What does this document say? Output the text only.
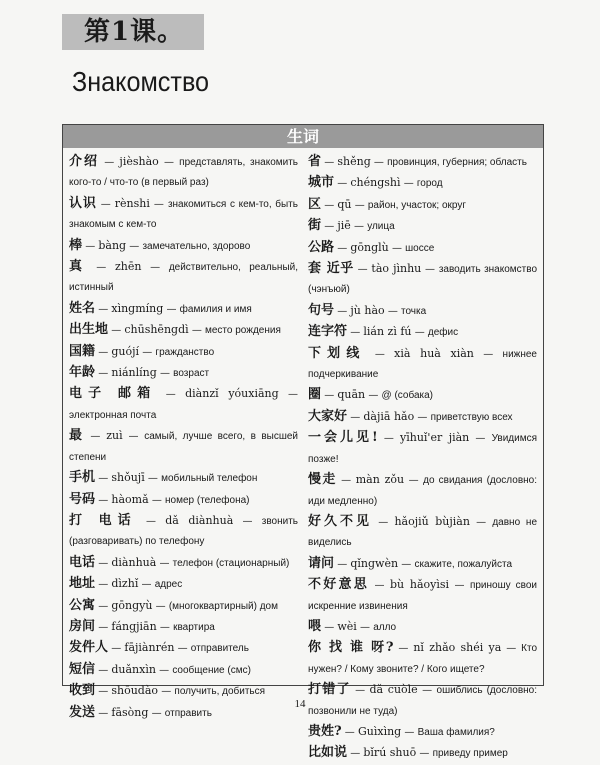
第1课。
Знакомство
生词
介绍 — jièshào — представлять, знакомить кого-то / что-то (в первый раз)
认识 — rènshi — знакомиться с кем-то, быть знакомым с кем-то
棒 — bàng — замечательно, здорово
真 — zhēn — действительно, реальный, истинный
姓名 — xìngmíng — фамилия и имя
出生地 — chūshēngdì — место рождения
国籍 — guójí — гражданство
年龄 — niánlíng — возраст
电子 邮箱 — diànzǐ yóuxiāng — электронная почта
最 — zuì — самый, лучше всего, в высшей степени
手机 — shǒujī — мобильный телефон
号码 — hàomǎ — номер (телефона)
打 电话 — dǎ diànhuà — звонить (разговаривать) по телефону
电话 — diànhuà — телефон (стационарный)
地址 — dìzhǐ — адрес
公寓 — gōngyù — (многоквартирный) дом
房间 — fángjiān — квартира
发件人 — fājiànrén — отправитель
短信 — duǎnxìn — сообщение (смс)
收到 — shōudào — получить, добиться
发送 — fāsòng — отправить
省 — shěng — провинция, губерния; область
城市 — chéngshì — город
区 — qū — район, участок; округ
街 — jiē — улица
公路 — gōnglù — шоссе
套 近乎 — tào jìnhu — заводить знакомство (чэнъюй)
句号 — jù hào — точка
连字符 — lián zì fú — дефис
下划线 — xià huà xiàn — нижнее подчеркивание
圈 — quān — @ (собака)
大家好 — dàjiā hǎo — приветствую всех
一会儿见! — yīhuǐ'er jiàn — Увидимся позже!
慢走 — màn zǒu — до свидания (дословно: иди медленно)
好久不见 — hǎojiǔ bùjiàn — давно не виделись
请问 — qǐngwèn — скажите, пожалуйста
不好意思 — bù hǎoyìsi — приношу свои искренние извинения
喂 — wèi — алло
你 找 谁 呀? — nǐ zhǎo shéi ya — Кто нужен? / Кому звоните? / Кого ищете?
打错了 — dǎ cuòle — ошиблись (дословно: позвонили не туда)
贵姓? — Guìxìng — Ваша фамилия?
比如说 — bǐrú shuō — приведу пример
14
